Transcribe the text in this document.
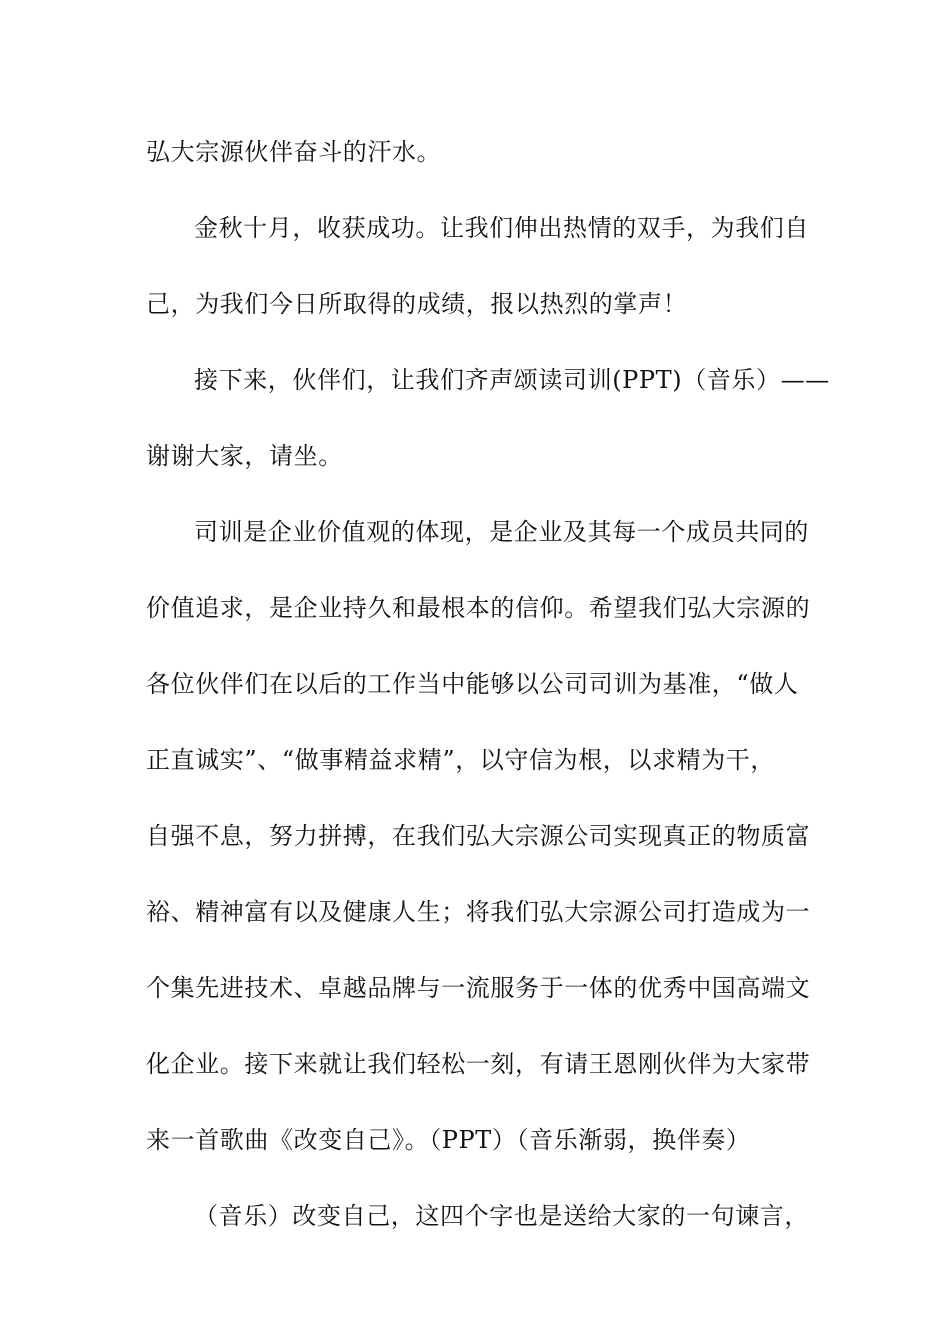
弘大宗源伙伴奋斗的汗水。
金秋十月，收获成功。让我们伸出热情的双手，为我们自
己，为我们今日所取得的成绩，报以热烈的掌声！
接下来，伙伴们，让我们齐声颂读司训(PPT)（音乐）——
谢谢大家，请坐。
司训是企业价值观的体现，是企业及其每一个成员共同的
价值追求，是企业持久和最根本的信仰。希望我们弘大宗源的
各位伙伴们在以后的工作当中能够以公司司训为基准，“做人
正直诚实”、“做事精益求精”，以守信为根，以求精为干，
自强不息，努力拼搏，在我们弘大宗源公司实现真正的物质富
裕、精神富有以及健康人生；将我们弘大宗源公司打造成为一
个集先进技术、卓越品牌与一流服务于一体的优秀中国高端文
化企业。接下来就让我们轻松一刻，有请王恩刚伙伴为大家带
来一首歌曲《改变自己》。（PPT）（音乐渐弱，换伴奏）
（音乐）改变自己，这四个字也是送给大家的一句谏言，
